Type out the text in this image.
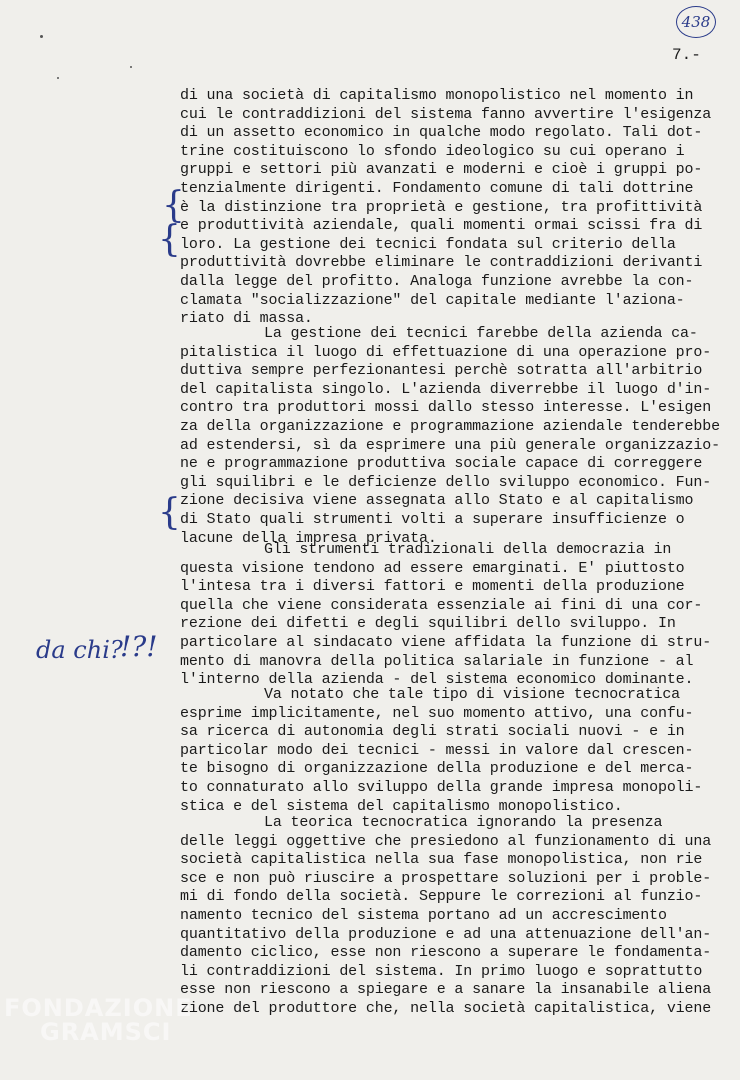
438
7.-
di una società di capitalismo monopolistico nel momento in
cui le contraddizioni del sistema fanno avvertire l'esigenza
di un assetto economico in qualche modo regolato. Tali dot-
trine costituiscono lo sfondo ideologico su cui operano i
gruppi e settori più avanzati e moderni e cioè i gruppi po-
tenzialmente dirigenti. Fondamento comune di tali dottrine
è la distinzione tra proprietà e gestione, tra profittività
e produttività aziendale, quali momenti ormai scissi fra di
loro. La gestione dei tecnici fondata sul criterio della
produttività dovrebbe eliminare le contraddizioni derivanti
dalla legge del profitto. Analoga funzione avrebbe la con-
clamata "socializzazione" del capitale mediante l'aziona-
riato di massa.
La gestione dei tecnici farebbe della azienda ca-
pitalistica il luogo di effettuazione di una operazione pro-
duttiva sempre perfezionantesi perchè sotratta all'arbitrio
del capitalista singolo. L'azienda diverrebbe il luogo d'in-
contro tra produttori mossi dallo stesso interesse. L'esigen
za della organizzazione e programmazione aziendale tenderebbe
ad estendersi, sì da esprimere una più generale organizzazio-
ne e programmazione produttiva sociale capace di correggere
gli squilibri e le deficienze dello sviluppo economico. Fun-
zione decisiva viene assegnata allo Stato e al capitalismo
di Stato quali strumenti volti a superare insufficienze o
lacune della impresa privata.
Gli strumenti tradizionali della democrazia in
questa visione tendono ad essere emarginati. E' piuttosto
l'intesa tra i diversi fattori e momenti della produzione
quella che viene considerata essenziale ai fini di una cor-
rezione dei difetti e degli squilibri dello sviluppo. In
particolare al sindacato viene affidata la funzione di stru-
mento di manovra della politica salariale in funzione - al
l'interno della azienda - del sistema economico dominante.
Va notato che tale tipo di visione tecnocratica
esprime implicitamente, nel suo momento attivo, una confu-
sa ricerca di autonomia degli strati sociali nuovi - e in
particolar modo dei tecnici - messi in valore dal crescen-
te bisogno di organizzazione della produzione e del merca-
to connaturato allo sviluppo della grande impresa monopoli-
stica e del sistema del capitalismo monopolistico.
La teorica tecnocratica ignorando la presenza
delle leggi oggettive che presiedono al funzionamento di una
società capitalistica nella sua fase monopolistica, non rie
sce e non può riuscire a prospettare soluzioni per i proble-
mi di fondo della società. Seppure le correzioni al funzio-
namento tecnico del sistema portano ad un accrescimento
quantitativo della produzione e ad una attenuazione dell'an-
damento ciclico, esse non riescono a superare le fondamenta-
li contraddizioni del sistema. In primo luogo e soprattutto
esse non riescono a spiegare e a sanare la insanabile aliena
zione del produttore che, nella società capitalistica, viene
{
{
{
da chi?
!?!
FONDAZIONE
GRAMSCI
